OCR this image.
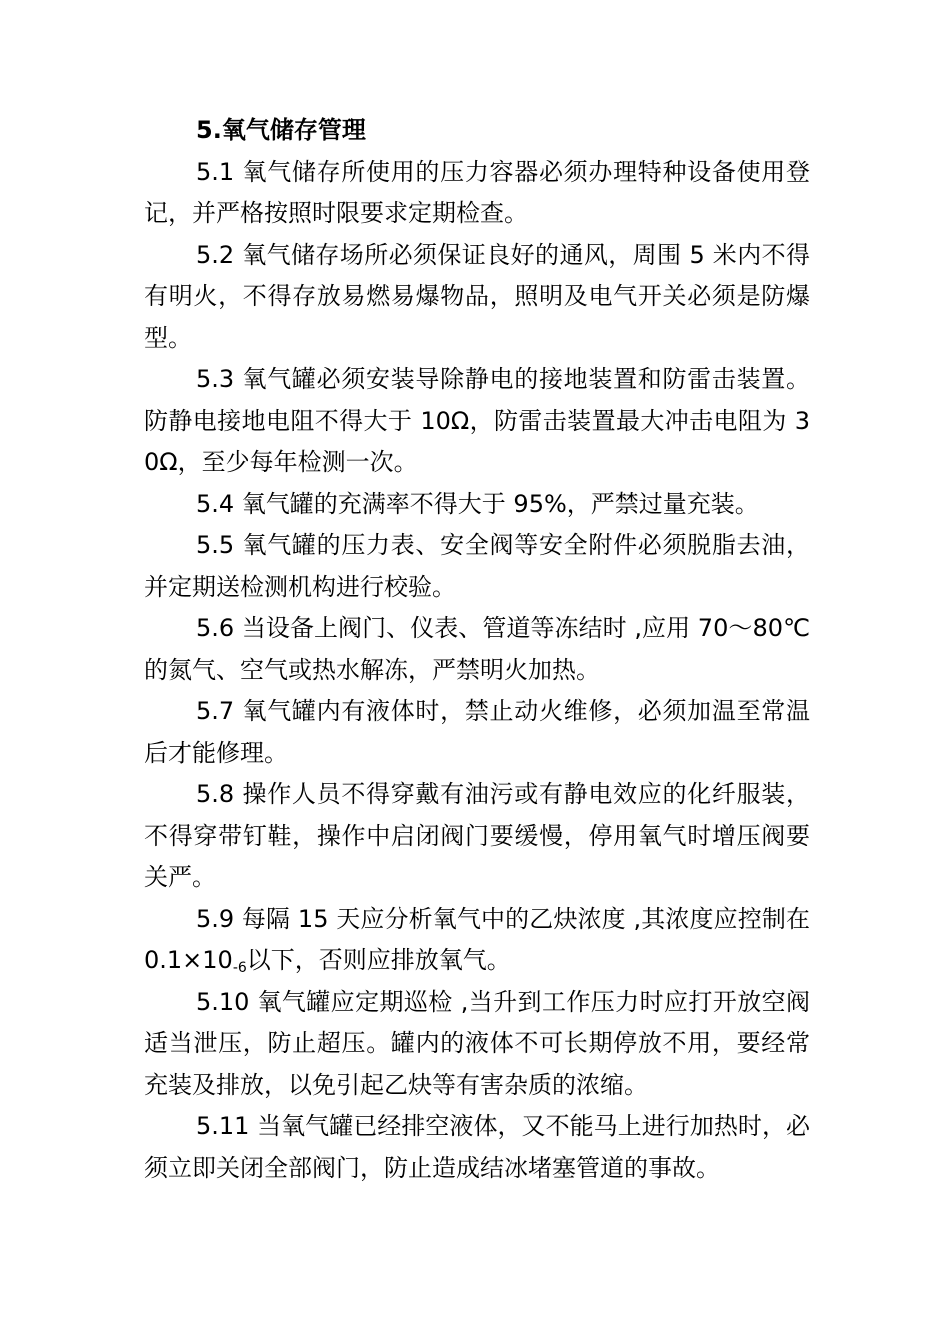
5.氧气储存管理

5.1 氧气储存所使用的压力容器必须办理特种设备使用登记，并严格按照时限要求定期检查。

5.2 氧气储存场所必须保证良好的通风，周围 5 米内不得有明火，不得存放易燃易爆物品，照明及电气开关必须是防爆型。

5.3 氧气罐必须安装导除静电的接地装置和防雷击装置。防静电接地电阻不得大于 10Ω，防雷击装置最大冲击电阻为 30Ω，至少每年检测一次。

5.4 氧气罐的充满率不得大于 95%，严禁过量充装。

5.5 氧气罐的压力表、安全阀等安全附件必须脱脂去油，并定期送检测机构进行校验。

5.6 当设备上阀门、仪表、管道等冻结时 ,应用 70～80℃的氮气、空气或热水解冻，严禁明火加热。

5.7 氧气罐内有液体时，禁止动火维修，必须加温至常温后才能修理。

5.8 操作人员不得穿戴有油污或有静电效应的化纤服装，不得穿带钉鞋，操作中启闭阀门要缓慢，停用氧气时增压阀要关严。

5.9 每隔 15 天应分析氧气中的乙炔浓度 ,其浓度应控制在 $0.1\times 10_{-6}$以下，否则应排放氧气。

5.10 氧气罐应定期巡检 ,当升到工作压力时应打开放空阀适当泄压，防止超压。罐内的液体不可长期停放不用，要经常充装及排放，以免引起乙炔等有害杂质的浓缩。

5.11 当氧气罐已经排空液体，又不能马上进行加热时，必须立即关闭全部阀门，防止造成结冰堵塞管道的事故。
